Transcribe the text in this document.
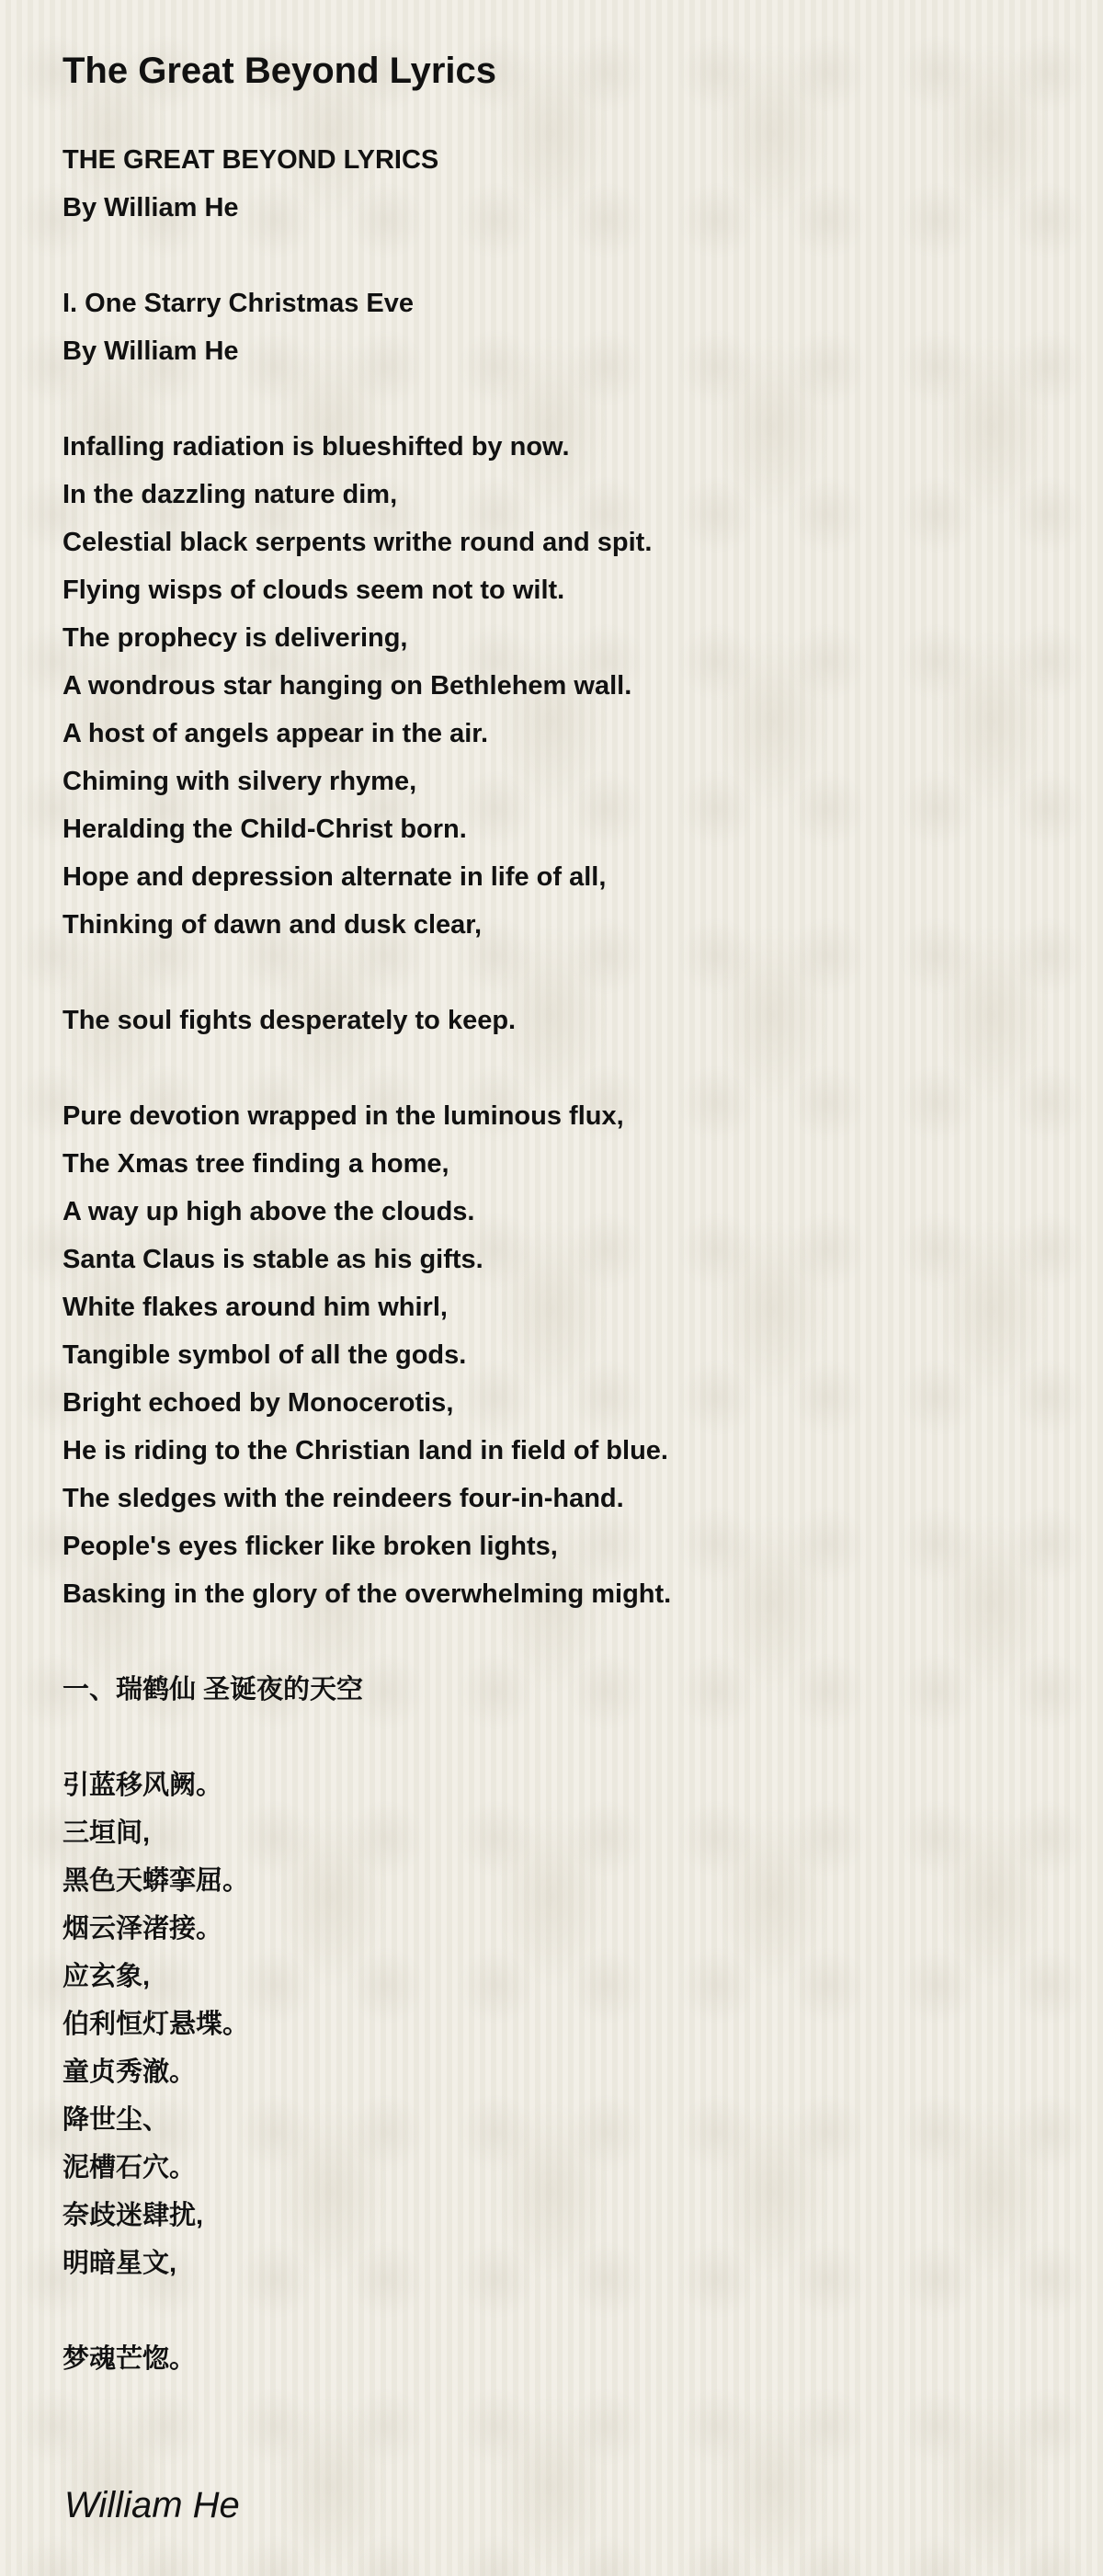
The Great Beyond Lyrics
THE GREAT BEYOND LYRICS
By William He
I. One Starry Christmas Eve
By William He
Infalling radiation is blueshifted by now.
In the dazzling nature dim,
Celestial black serpents writhe round and spit.
Flying wisps of clouds seem not to wilt.
The prophecy is delivering,
A wondrous star hanging on Bethlehem wall.
A host of angels appear in the air.
Chiming with silvery rhyme,
Heralding the Child-Christ born.
Hope and depression alternate in life of all,
Thinking of dawn and dusk clear,
The soul fights desperately to keep.
Pure devotion wrapped in the luminous flux,
The Xmas tree finding a home,
A way up high above the clouds.
Santa Claus is stable as his gifts.
White flakes around him whirl,
Tangible symbol of all the gods.
Bright echoed by Monocerotis,
He is riding to the Christian land in field of blue.
The sledges with the reindeers four-in-hand.
People's eyes flicker like broken lights,
Basking in the glory of the overwhelming might.
一、瑞鹤仙 圣诞夜的天空
引蓝移风阙。
三垣间,
黑色天蟒挛屈。
烟云泽渚接。
应玄象,
伯利恒灯悬堞。
童贞秀澈。
降世尘、
泥槽石穴。
奈歧迷肆扰,
明暗星文,
梦魂芒惚。
William He
